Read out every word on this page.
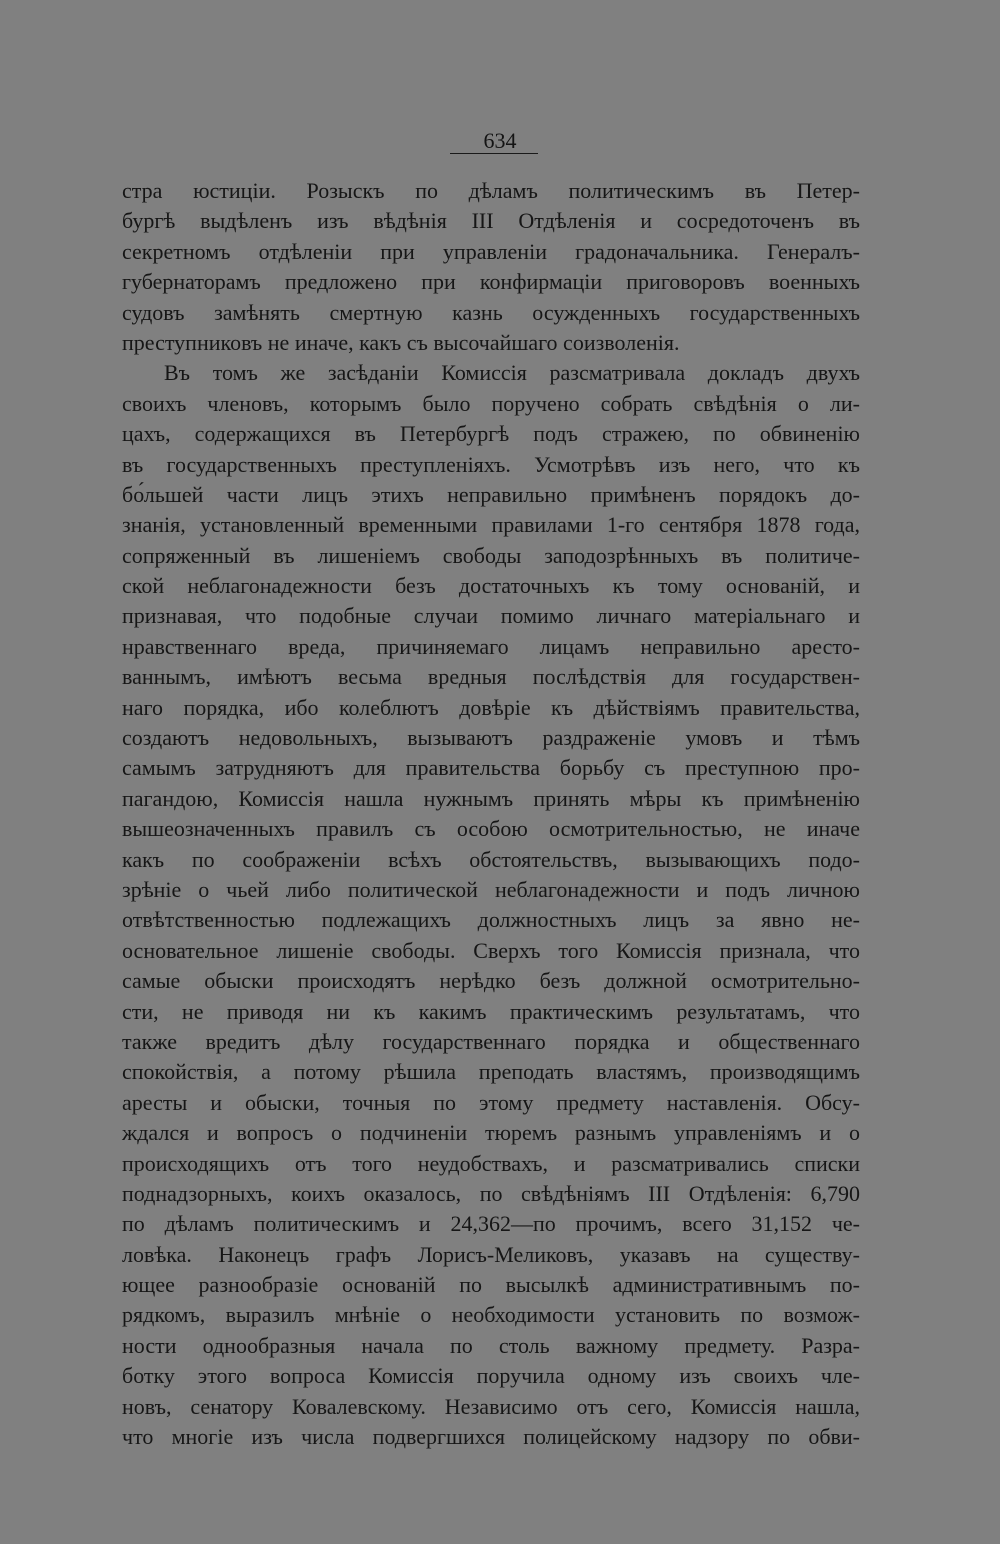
634
стра юстиціи. Розыскъ по дѣламъ политическимъ въ Петер-
бургѣ выдѣленъ изъ вѣдѣнія III Отдѣленія и сосредоточенъ въ
секретномъ отдѣленіи при управленіи градоначальника. Генералъ-
губернаторамъ предложено при конфирмаціи приговоровъ военныхъ
судовъ замѣнять смертную казнь осужденныхъ государственныхъ
преступниковъ не иначе, какъ съ высочайшаго соизволенія.
Въ томъ же засѣданіи Комиссія разсматривала докладъ двухъ
своихъ членовъ, которымъ было поручено собрать свѣдѣнія о ли-
цахъ, содержащихся въ Петербургѣ подъ стражею, по обвиненію
въ государственныхъ преступленіяхъ. Усмотрѣвъ изъ него, что къ
бо́льшей части лицъ этихъ неправильно примѣненъ порядокъ до-
знанія, установленный временными правилами 1-го сентября 1878 года,
сопряженный въ лишеніемъ свободы заподозрѣнныхъ въ политиче-
ской неблагонадежности безъ достаточныхъ къ тому основаній, и
признавая, что подобные случаи помимо личнаго матеріальнаго и
нравственнаго вреда, причиняемаго лицамъ неправильно аресто-
ваннымъ, имѣютъ весьма вредныя послѣдствія для государствен-
наго порядка, ибо колеблютъ довѣріе къ дѣйствіямъ правительства,
создаютъ недовольныхъ, вызываютъ раздраженіе умовъ и тѣмъ
самымъ затрудняютъ для правительства борьбу съ преступною про-
пагандою, Комиссія нашла нужнымъ принять мѣры къ примѣненію
вышеозначенныхъ правилъ съ особою осмотрительностью, не иначе
какъ по соображеніи всѣхъ обстоятельствъ, вызывающихъ подо-
зрѣніе о чьей либо политической неблагонадежности и подъ личною
отвѣтственностью подлежащихъ должностныхъ лицъ за явно не-
основательное лишеніе свободы. Сверхъ того Комиссія признала, что
самые обыски происходятъ нерѣдко безъ должной осмотрительно-
сти, не приводя ни къ какимъ практическимъ результатамъ, что
также вредитъ дѣлу государственнаго порядка и общественнаго
спокойствія, а потому рѣшила преподать властямъ, производящимъ
аресты и обыски, точныя по этому предмету наставленія. Обсу-
ждался и вопросъ о подчиненіи тюремъ разнымъ управленіямъ и о
происходящихъ отъ того неудобствахъ, и разсматривались списки
поднадзорныхъ, коихъ оказалось, по свѣдѣніямъ III Отдѣленія: 6,790
по дѣламъ политическимъ и 24,362—по прочимъ, всего 31,152 че-
ловѣка. Наконецъ графъ Лорисъ-Меликовъ, указавъ на существу-
ющее разнообразіе основаній по высылкѣ административнымъ по-
рядкомъ, выразилъ мнѣніе о необходимости установить по возмож-
ности однообразныя начала по столь важному предмету. Разра-
ботку этого вопроса Комиссія поручила одному изъ своихъ чле-
новъ, сенатору Ковалевскому. Независимо отъ сего, Комиссія нашла,
что многіе изъ числа подвергшихся полицейскому надзору по обви-
